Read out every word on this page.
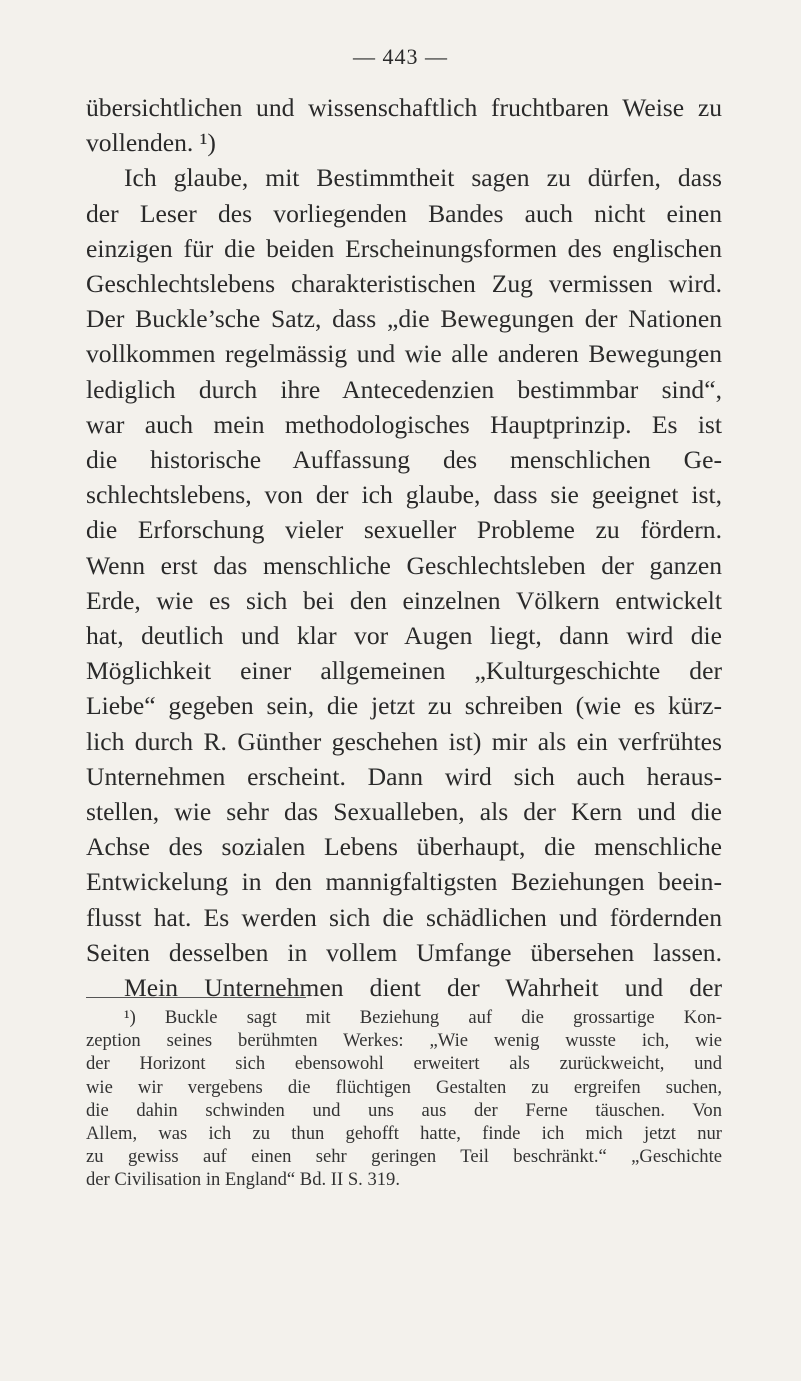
— 443 —
übersichtlichen und wissenschaftlich fruchtbaren Weise zu
vollenden. ¹)
Ich glaube, mit Bestimmtheit sagen zu dürfen, dass
der Leser des vorliegenden Bandes auch nicht einen
einzigen für die beiden Erscheinungsformen des englischen
Geschlechtslebens charakteristischen Zug vermissen wird.
Der Buckle’sche Satz, dass „die Bewegungen der Nationen
vollkommen regelmässig und wie alle anderen Bewegungen
lediglich durch ihre Antecedenzien bestimmbar sind“,
war auch mein methodologisches Hauptprinzip. Es ist
die historische Auffassung des menschlichen Ge-
schlechtslebens, von der ich glaube, dass sie geeignet ist,
die Erforschung vieler sexueller Probleme zu fördern.
Wenn erst das menschliche Geschlechtsleben der ganzen
Erde, wie es sich bei den einzelnen Völkern entwickelt
hat, deutlich und klar vor Augen liegt, dann wird die
Möglichkeit einer allgemeinen „Kulturgeschichte der
Liebe“ gegeben sein, die jetzt zu schreiben (wie es kürz-
lich durch R. Günther geschehen ist) mir als ein verfrühtes
Unternehmen erscheint. Dann wird sich auch heraus-
stellen, wie sehr das Sexualleben, als der Kern und die
Achse des sozialen Lebens überhaupt, die menschliche
Entwickelung in den mannigfaltigsten Beziehungen beein-
flusst hat. Es werden sich die schädlichen und fördernden
Seiten desselben in vollem Umfange übersehen lassen.
Mein Unternehmen dient der Wahrheit und der
¹) Buckle sagt mit Beziehung auf die grossartige Kon-
zeption seines berühmten Werkes: „Wie wenig wusste ich, wie
der Horizont sich ebensowohl erweitert als zurückweicht, und
wie wir vergebens die flüchtigen Gestalten zu ergreifen suchen,
die dahin schwinden und uns aus der Ferne täuschen. Von
Allem, was ich zu thun gehofft hatte, finde ich mich jetzt nur
zu gewiss auf einen sehr geringen Teil beschränkt.“ „Geschichte
der Civilisation in England“ Bd. II S. 319.
